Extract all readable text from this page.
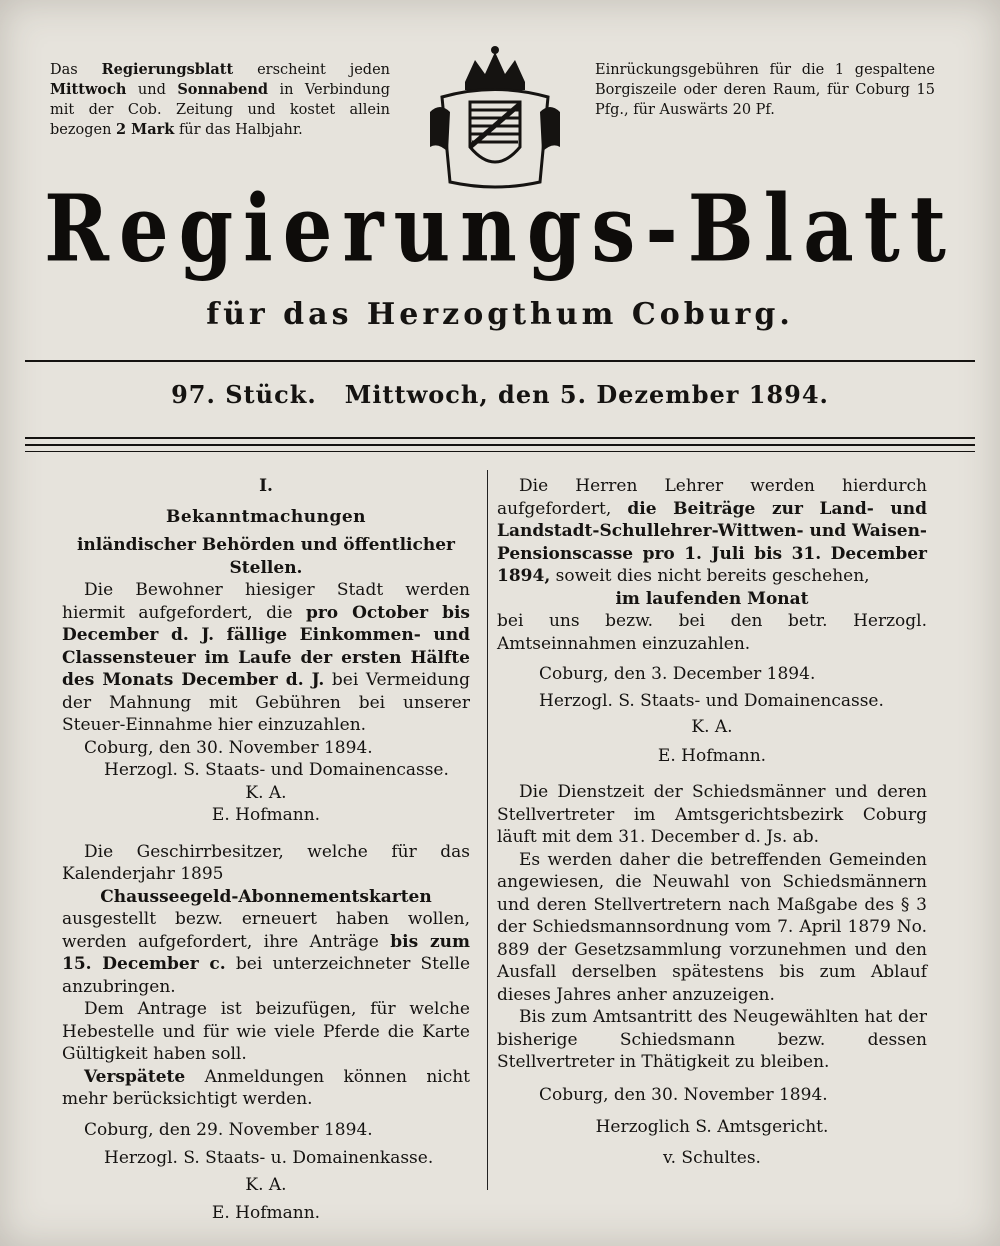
Das Regierungsblatt erscheint jeden Mittwoch und Sonnabend in Verbindung mit der Cob. Zeitung und kostet allein bezogen 2 Mark für das Halbjahr.
Einrückungsgebühren für die 1 gespaltene Borgiszeile oder deren Raum, für Coburg 15 Pfg., für Auswärts 20 Pf.
Regierungs-Blatt
für das Herzogthum Coburg.
97. Stück.   Mittwoch, den 5. Dezember 1894.

I.

Bekanntmachungen

inländischer Behörden und öffentlicher Stellen.

Die Bewohner hiesiger Stadt werden hiermit aufgefordert, die pro October bis December d. J. fällige Einkommen- und Classensteuer im Laufe der ersten Hälfte des Monats December d. J. bei Vermeidung der Mahnung mit Gebühren bei unserer Steuer-Einnahme hier einzuzahlen.

Coburg, den 30. November 1894.

Herzogl. S. Staats- und Domainencasse.

K. A.

E. Hofmann.

Die Geschirrbesitzer, welche für das Kalenderjahr 1895

Chausseegeld-Abonnementskarten

ausgestellt bezw. erneuert haben wollen, werden aufgefordert, ihre Anträge bis zum 15. December c. bei unterzeichneter Stelle anzubringen.

Dem Antrage ist beizufügen, für welche Hebestelle und für wie viele Pferde die Karte Gültigkeit haben soll.

Verspätete Anmeldungen können nicht mehr berücksichtigt werden.

Coburg, den 29. November 1894.

Herzogl. S. Staats- u. Domainenkasse.

K. A.

E. Hofmann.

Die Herren Lehrer werden hierdurch aufgefordert, die Beiträge zur Land- und Landstadt-Schullehrer-Wittwen- und Waisen-Pensionscasse pro 1. Juli bis 31. December 1894, soweit dies nicht bereits geschehen,

im laufenden Monat

bei uns bezw. bei den betr. Herzogl. Amtseinnahmen einzuzahlen.

Coburg, den 3. December 1894.

Herzogl. S. Staats- und Domainencasse.

K. A.

E. Hofmann.

Die Dienstzeit der Schiedsmänner und deren Stellvertreter im Amtsgerichtsbezirk Coburg läuft mit dem 31. December d. Js. ab.

Es werden daher die betreffenden Gemeinden angewiesen, die Neuwahl von Schiedsmännern und deren Stellvertretern nach Maßgabe des § 3 der Schiedsmannsordnung vom 7. April 1879 No. 889 der Gesetzsammlung vorzunehmen und den Ausfall derselben spätestens bis zum Ablauf dieses Jahres anher anzuzeigen.

Bis zum Amtsantritt des Neugewählten hat der bisherige Schiedsmann bezw. dessen Stellvertreter in Thätigkeit zu bleiben.

Coburg, den 30. November 1894.

Herzoglich S. Amtsgericht.

v. Schultes.
